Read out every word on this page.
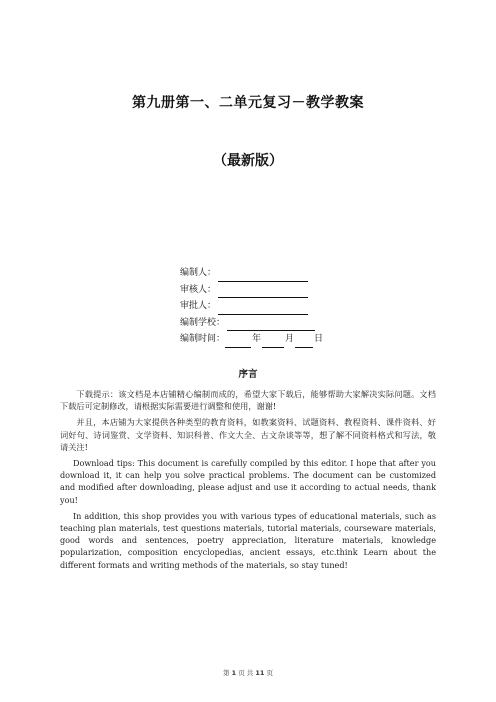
第九册第一、二单元复习－教学教案
（最新版）
编制人：
审核人：
审批人：
编制学校：
编制时间：	年	月 日
序言

下载提示：该文档是本店铺精心编制而成的，希望大家下载后，能够帮助大家解决实际问题。文档下载后可定制修改，请根据实际需要进行调整和使用，谢谢!

并且，本店铺为大家提供各种类型的教育资料，如教案资料、试题资料、教程资料、课件资料、好词好句、诗词鉴赏、文学资料、知识科普、作文大全、古文杂谈等等，想了解不同资料格式和写法，敬请关注!

Download tips: This document is carefully compiled by this editor. I hope that after you download it, it can help you solve practical problems. The document can be customized and modified after downloading, please adjust and use it according to actual needs, thank you!

In addition, this shop provides you with various types of educational materials, such as teaching plan materials, test questions materials, tutorial materials, courseware materials, good words and sentences, poetry appreciation, literature materials, knowledge popularization, composition encyclopedias, ancient essays, etc.think Learn about the different formats and writing methods of the materials, so stay tuned!

第 1 页 共 11 页
